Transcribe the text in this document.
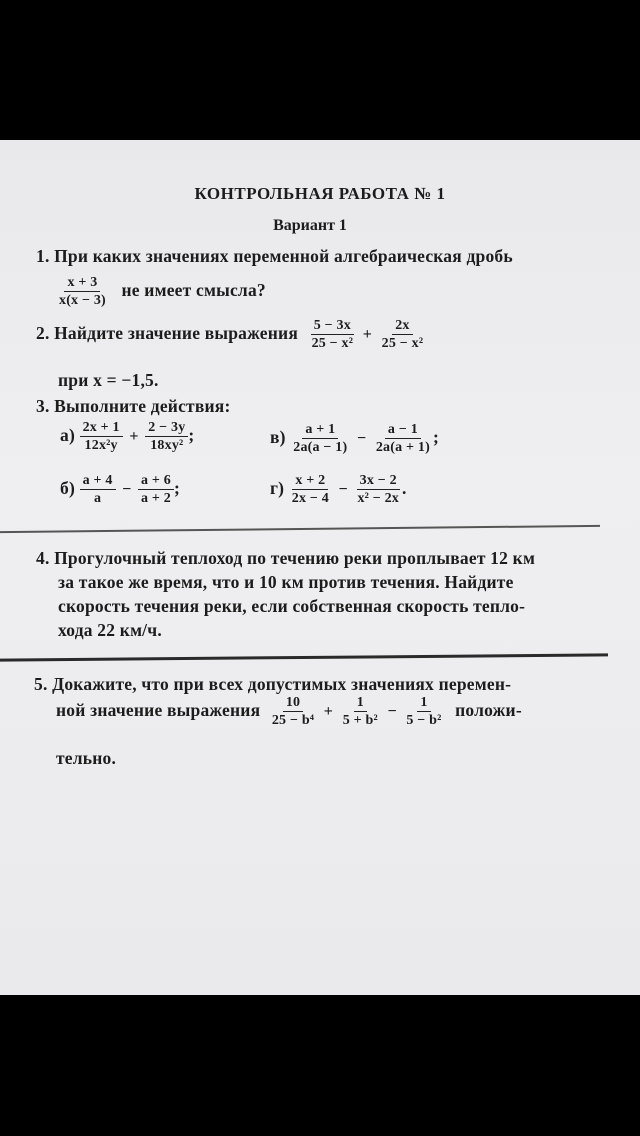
КОНТРОЛЬНАЯ РАБОТА № 1
Вариант 1
1. При каких значениях переменной алгебраическая дробь
$\frac{x + 3}{x(x - 3)}$ не имеет смысла?
2. Найдите значение выражения $\frac{5 - 3x}{\text{25 − x²}} + \frac{2x}{\text{25 − x²}}$
при x = −1,5.
3. Выполните действия:
$а) \frac{2x + 1}{\text{12x²y}} + \frac{2 - 3y}{\text{18xy²}}$ ;	$в) \frac{a + 1}{2a(a - 1)} - \frac{a - 1}{2a(a + 1)}$ ;
$б) \frac{a + 4}{a} - \frac{a + 6}{a + 2}$ ;	$г) \frac{x + 2}{2x - 4} - \frac{3x - 2}{\text{x² − 2x}}$ .
4. Прогулочный теплоход по течению реки проплывает 12 км
за такое же время, что и 10 км против течения. Найдите
скорость течения реки, если собственная скорость тепло-
хода 22 км/ч.
5. Докажите, что при всех допустимых значениях перемен-
ной значение выражения $\frac{10}{\text{25 − b⁴}} + \frac{1}{\text{5 + b²}} - \frac{1}{\text{5 − b²}}$ положи-
тельно.
